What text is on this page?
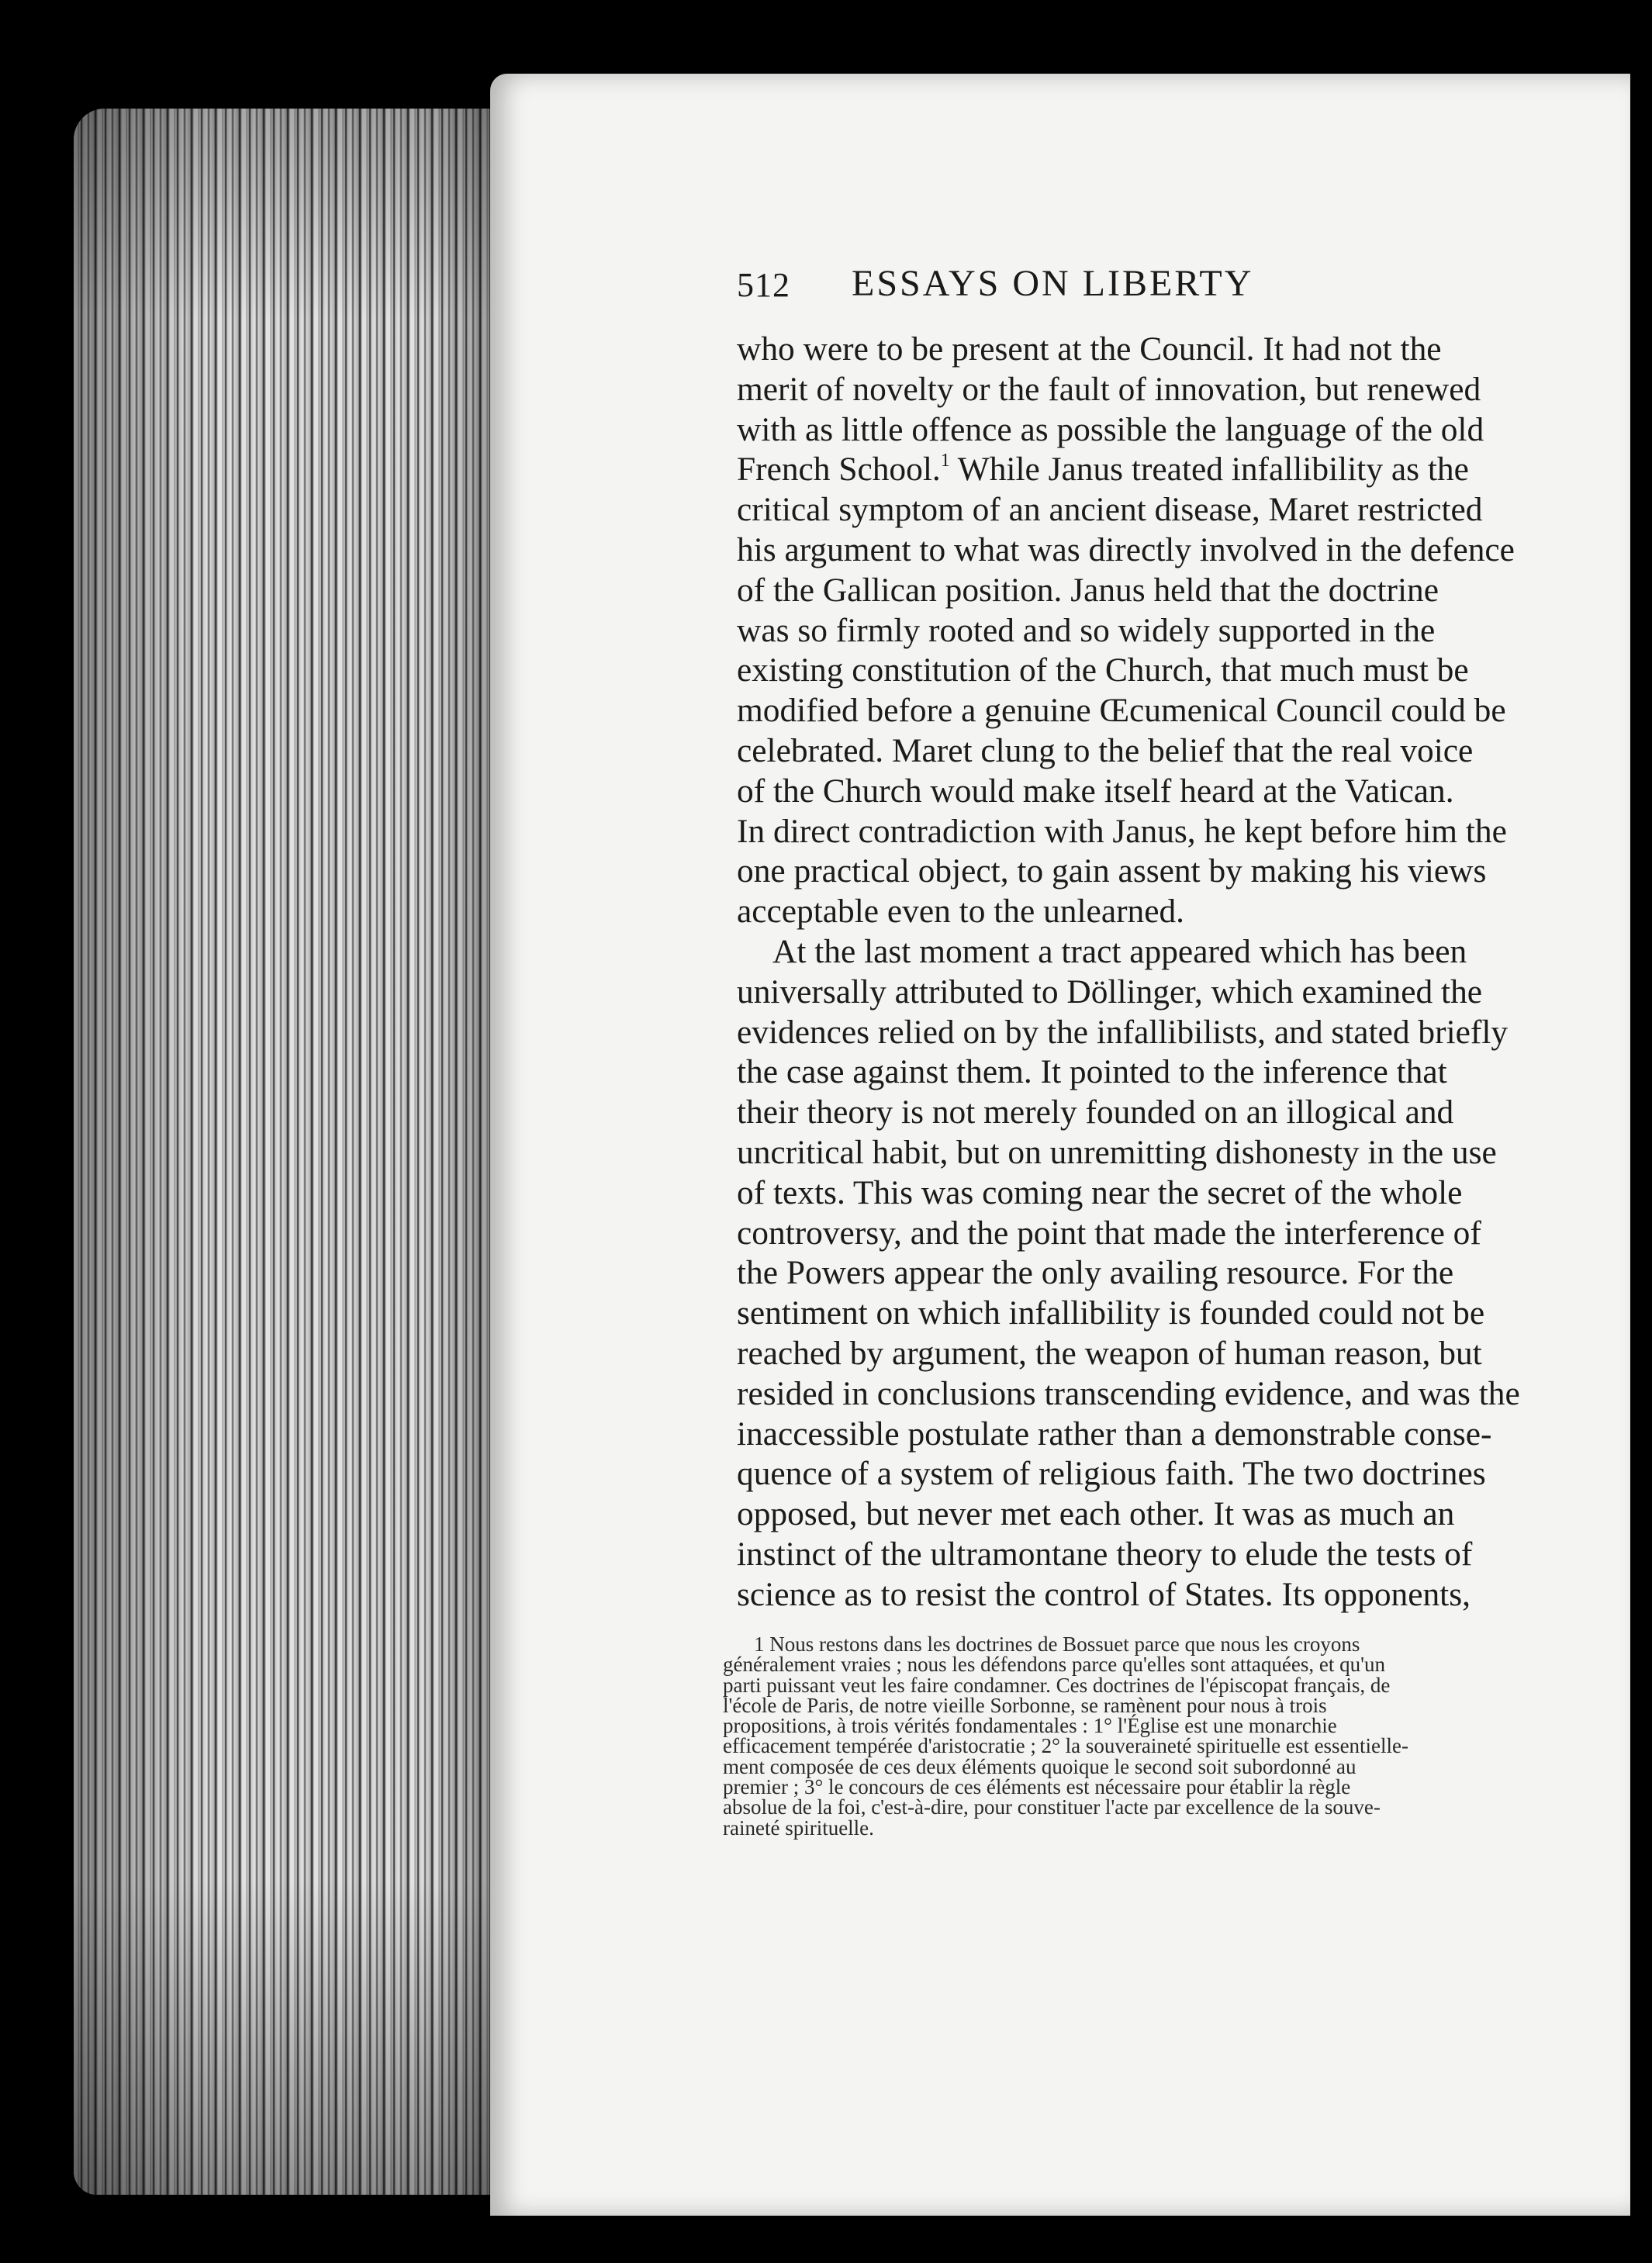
512 ESSAYS ON LIBERTY
who were to be present at the Council. It had not the
merit of novelty or the fault of innovation, but renewed
with as little offence as possible the language of the old
French School.$^1$ While Janus treated infallibility as the
critical symptom of an ancient disease, Maret restricted
his argument to what was directly involved in the defence
of the Gallican position. Janus held that the doctrine
was so firmly rooted and so widely supported in the
existing constitution of the Church, that much must be
modified before a genuine Œcumenical Council could be
celebrated. Maret clung to the belief that the real voice
of the Church would make itself heard at the Vatican.
In direct contradiction with Janus, he kept before him the
one practical object, to gain assent by making his views
acceptable even to the unlearned.
At the last moment a tract appeared which has been
universally attributed to Döllinger, which examined the
evidences relied on by the infallibilists, and stated briefly
the case against them. It pointed to the inference that
their theory is not merely founded on an illogical and
uncritical habit, but on unremitting dishonesty in the use
of texts. This was coming near the secret of the whole
controversy, and the point that made the interference of
the Powers appear the only availing resource. For the
sentiment on which infallibility is founded could not be
reached by argument, the weapon of human reason, but
resided in conclusions transcending evidence, and was the
inaccessible postulate rather than a demonstrable conse-
quence of a system of religious faith. The two doctrines
opposed, but never met each other. It was as much an
instinct of the ultramontane theory to elude the tests of
science as to resist the control of States. Its opponents,
1 Nous restons dans les doctrines de Bossuet parce que nous les croyons
généralement vraies ; nous les défendons parce qu'elles sont attaquées, et qu'un
parti puissant veut les faire condamner. Ces doctrines de l'épiscopat français, de
l'école de Paris, de notre vieille Sorbonne, se ramènent pour nous à trois
propositions, à trois vérités fondamentales : 1° l'Église est une monarchie
efficacement tempérée d'aristocratie ; 2° la souveraineté spirituelle est essentielle-
ment composée de ces deux éléments quoique le second soit subordonné au
premier ; 3° le concours de ces éléments est nécessaire pour établir la règle
absolue de la foi, c'est-à-dire, pour constituer l'acte par excellence de la souve-
raineté spirituelle.
